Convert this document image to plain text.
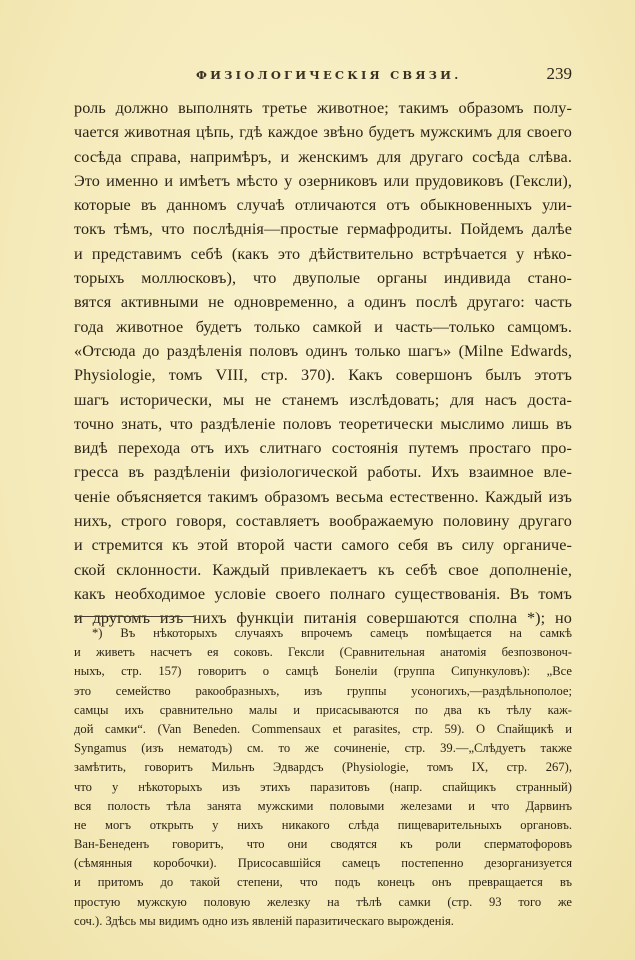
ФИЗІОЛОГИЧЕСКІЯ СВЯЗИ.	239
роль должно выполнять третье животное; такимъ образомъ полу-
чается животная цѣпь, гдѣ каждое звѣно будетъ мужскимъ для своего
сосѣда справа, напримѣръ, и женскимъ для другаго сосѣда слѣва.
Это именно и имѣетъ мѣсто у озерниковъ или прудовиковъ (Гексли),
которые въ данномъ случаѣ отличаются отъ обыкновенныхъ ули-
токъ тѣмъ, что послѣднія—простые гермафродиты. Пойдемъ далѣе
и представимъ себѣ (какъ это дѣйствительно встрѣчается у нѣко-
торыхъ моллюсковъ), что двуполые органы индивида стано-
вятся активными не одновременно, а одинъ послѣ другаго: часть
года животное будетъ только самкой и часть—только самцомъ.
«Отсюда до раздѣленія половъ одинъ только шагъ» (Milne Edwards,
Physiologie, томъ VIII, стр. 370). Какъ совершонъ былъ этотъ
шагъ исторически, мы не станемъ изслѣдовать; для насъ доста-
точно знать, что раздѣленіе половъ теоретически мыслимо лишь въ
видѣ перехода отъ ихъ слитнаго состоянія путемъ простаго про-
гресса въ раздѣленіи физіологической работы. Ихъ взаимное вле-
ченіе объясняется такимъ образомъ весьма естественно. Каждый изъ
нихъ, строго говоря, составляетъ воображаемую половину другаго
и стремится къ этой второй части самого себя въ силу органиче-
ской склонности. Каждый привлекаетъ къ себѣ свое дополненіе,
какъ необходимое условіе своего полнаго существованія. Въ томъ
и другомъ изъ нихъ функціи питанія совершаются сполна *); но
*) Въ нѣкоторыхъ случаяхъ впрочемъ самецъ помѣщается на самкѣ
и живетъ насчетъ ея соковъ. Гексли (Сравнительная анатомія безпозвоноч-
ныхъ, стр. 157) говоритъ о самцѣ Бонеліи (группа Сипункуловъ): „Все
это семейство ракообразныхъ, изъ группы усоногихъ,—раздѣльнополое;
самцы ихъ сравнительно малы и присасываются по два къ тѣлу каж-
дой самки“. (Van Beneden. Commensaux et parasites, стр. 59). О Спайщикѣ и
Syngamus (изъ нематодъ) см. то же сочиненіе, стр. 39.—„Слѣдуетъ также
замѣтить, говоритъ Мильнъ Эдвардсъ (Physiologie, томъ IX, стр. 267),
что у нѣкоторыхъ изъ этихъ паразитовъ (напр. спайщикъ странный)
вся полость тѣла занята мужскими половыми железами и что Дарвинъ
не могъ открыть у нихъ никакого слѣда пищеварительныхъ органовъ.
Ван-Бенеденъ говоритъ, что они сводятся къ роли сперматофоровъ
(сѣмянныя коробочки). Присосавшійся самецъ постепенно дезорганизуется
и притомъ до такой степени, что подъ конецъ онъ превращается въ
простую мужскую половую железку на тѣлѣ самки (стр. 93 того же
соч.). Здѣсь мы видимъ одно изъ явленій паразитическаго вырожденія.
